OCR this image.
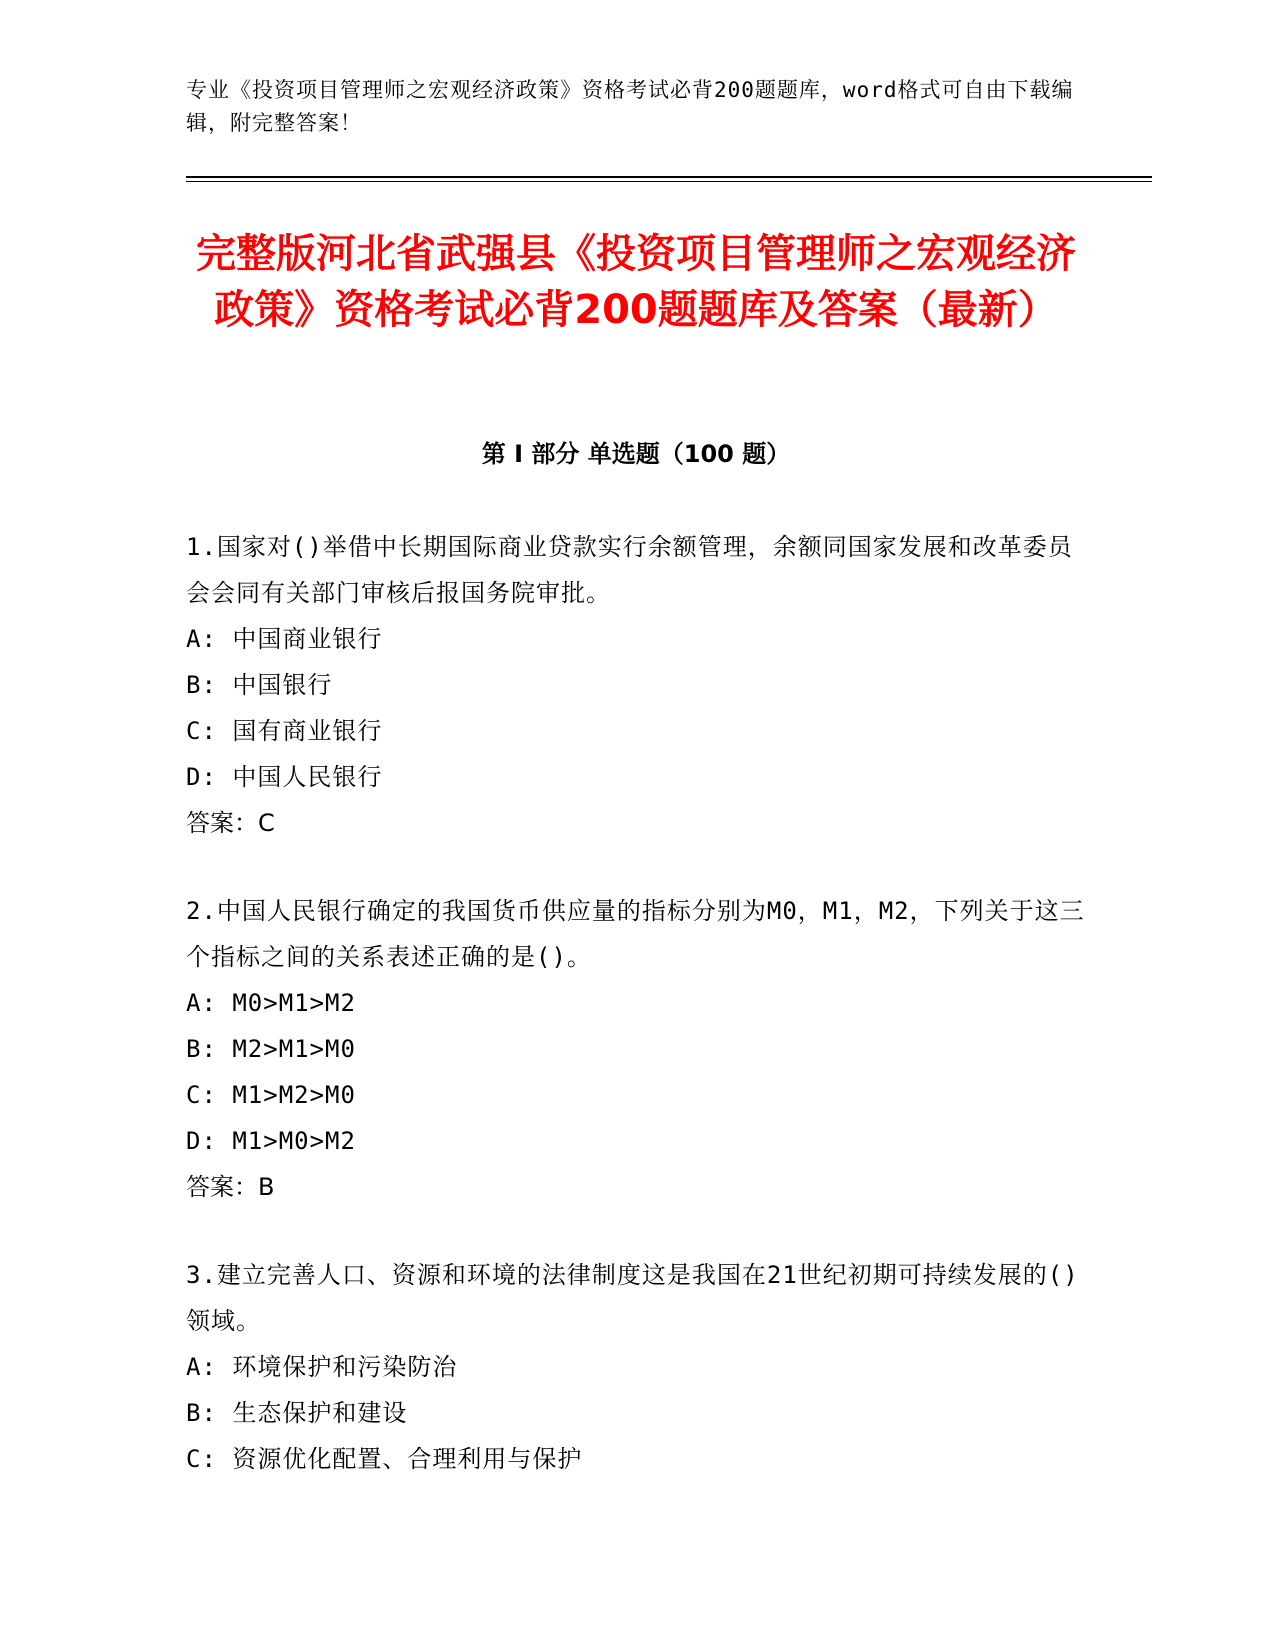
专业《投资项目管理师之宏观经济政策》资格考试必背200题题库，word格式可自由下载编辑，附完整答案！
完整版河北省武强县《投资项目管理师之宏观经济政策》资格考试必背200题题库及答案（最新）
第 I 部分 单选题（100 题）
1.国家对()举借中长期国际商业贷款实行余额管理，余额同国家发展和改革委员会会同有关部门审核后报国务院审批。
A: 中国商业银行
B: 中国银行
C: 国有商业银行
D: 中国人民银行
答案：C
2.中国人民银行确定的我国货币供应量的指标分别为M0，M1，M2，下列关于这三个指标之间的关系表述正确的是()。
A: M0>M1>M2
B: M2>M1>M0
C: M1>M2>M0
D: M1>M0>M2
答案：B
3.建立完善人口、资源和环境的法律制度这是我国在21世纪初期可持续发展的()领域。
A: 环境保护和污染防治
B: 生态保护和建设
C: 资源优化配置、合理利用与保护
